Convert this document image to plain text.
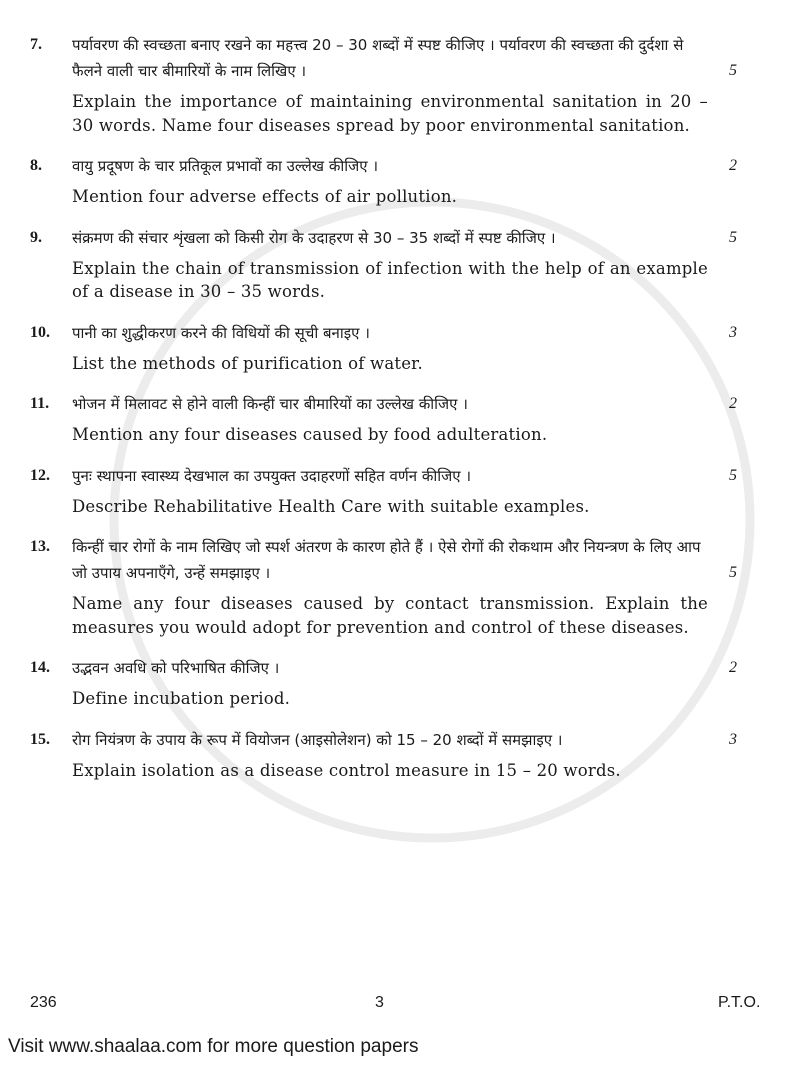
7.	पर्यावरण की स्वच्छता बनाए रखने का महत्त्व 20 – 30 शब्दों में स्पष्ट कीजिए । पर्यावरण की स्वच्छता की दुर्दशा से फैलने वाली चार बीमारियों के नाम लिखिए ।	5
Explain the importance of maintaining environmental sanitation in 20 – 30 words. Name four diseases spread by poor environmental sanitation.
8.	वायु प्रदूषण के चार प्रतिकूल प्रभावों का उल्लेख कीजिए ।	2
Mention four adverse effects of air pollution.
9.	संक्रमण की संचार शृंखला को किसी रोग के उदाहरण से 30 – 35 शब्दों में स्पष्ट कीजिए ।	5
Explain the chain of transmission of infection with the help of an example of a disease in 30 – 35 words.
10.	पानी का शुद्धीकरण करने की विधियों की सूची बनाइए ।	3
List the methods of purification of water.
11.	भोजन में मिलावट से होने वाली किन्हीं चार बीमारियों का उल्लेख कीजिए ।	2
Mention any four diseases caused by food adulteration.
12.	पुनः स्थापना स्वास्थ्य देखभाल का उपयुक्त उदाहरणों सहित वर्णन कीजिए ।	5
Describe Rehabilitative Health Care with suitable examples.
13.	किन्हीं चार रोगों के नाम लिखिए जो स्पर्श अंतरण के कारण होते हैं । ऐसे रोगों की रोकथाम और नियन्त्रण के लिए आप जो उपाय अपनाएँगे, उन्हें समझाइए ।	5
Name any four diseases caused by contact transmission. Explain the measures you would adopt for prevention and control of these diseases.
14.	उद्भवन अवधि को परिभाषित कीजिए ।	2
Define incubation period.
15.	रोग नियंत्रण के उपाय के रूप में वियोजन (आइसोलेशन) को 15 – 20 शब्दों में समझाइए ।	3
Explain isolation as a disease control measure in 15 – 20 words.
236	3	P.T.O.
Visit www.shaalaa.com for more question papers
